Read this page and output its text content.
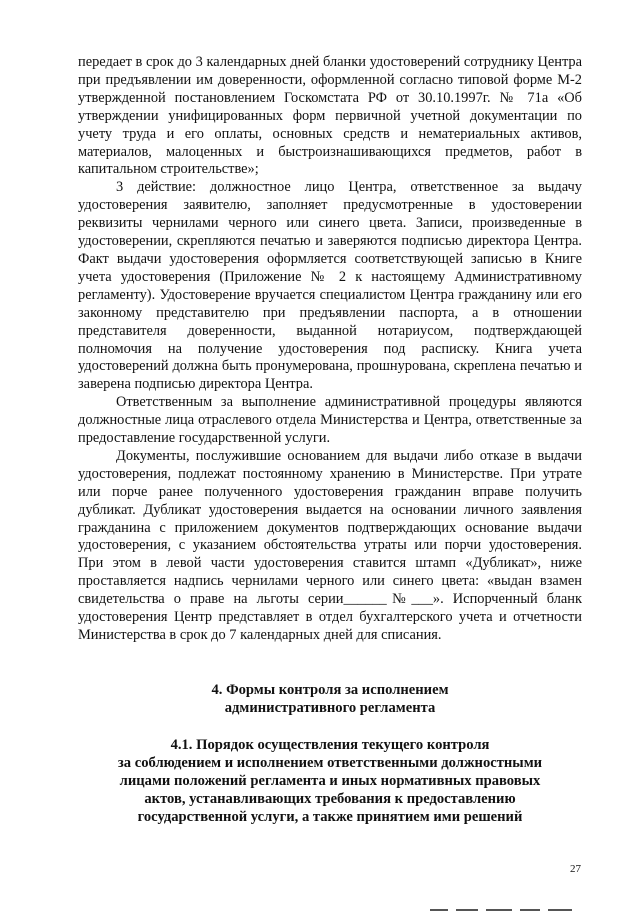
передает в срок до 3 календарных дней бланки удостоверений сотруднику Центра при предъявлении им доверенности, оформленной согласно типовой форме М-2 утвержденной постановлением Госкомстата РФ от 30.10.1997г. № 71а «Об утверждении унифицированных форм первичной учетной документации по учету труда и его оплаты, основных средств и нематериальных активов, материалов, малоценных и быстроизнашивающихся предметов, работ в капитальном строительстве»;

3 действие: должностное лицо Центра, ответственное за выдачу удостоверения заявителю, заполняет предусмотренные в удостоверении реквизиты чернилами черного или синего цвета. Записи, произведенные в удостоверении, скрепляются печатью и заверяются подписью директора Центра. Факт выдачи удостоверения оформляется соответствующей записью в Книге учета удостоверения (Приложение № 2 к настоящему Административному регламенту). Удостоверение вручается специалистом Центра гражданину или его законному представителю при предъявлении паспорта, а в отношении представителя доверенности, выданной нотариусом, подтверждающей полномочия на получение удостоверения под расписку. Книга учета удостоверений должна быть пронумерована, прошнурована, скреплена печатью и заверена подписью директора Центра.

Ответственным за выполнение административной процедуры являются должностные лица отраслевого отдела Министерства и Центра, ответственные за предоставление государственной услуги.

Документы, послужившие основанием для выдачи либо отказе в выдачи удостоверения, подлежат постоянному хранению в Министерстве. При утрате или порче ранее полученного удостоверения гражданин вправе получить дубликат. Дубликат удостоверения выдается на основании личного заявления гражданина с приложением документов подтверждающих основание выдачи удостоверения, с указанием обстоятельства утраты или порчи удостоверения. При этом в левой части удостоверения ставится штамп «Дубликат», ниже проставляется надпись чернилами черного или синего цвета: «выдан взамен свидетельства о праве на льготы серии______№___». Испорченный бланк удостоверения Центр представляет в отдел бухгалтерского учета и отчетности Министерства в срок до 7 календарных дней для списания.

4. Формы контроля за исполнением
административного регламента
4.1. Порядок осуществления текущего контроля
за соблюдением и исполнением ответственными должностными
лицами положений регламента и иных нормативных правовых
актов, устанавливающих требования к предоставлению
государственной услуги, а также принятием ими решений
27
